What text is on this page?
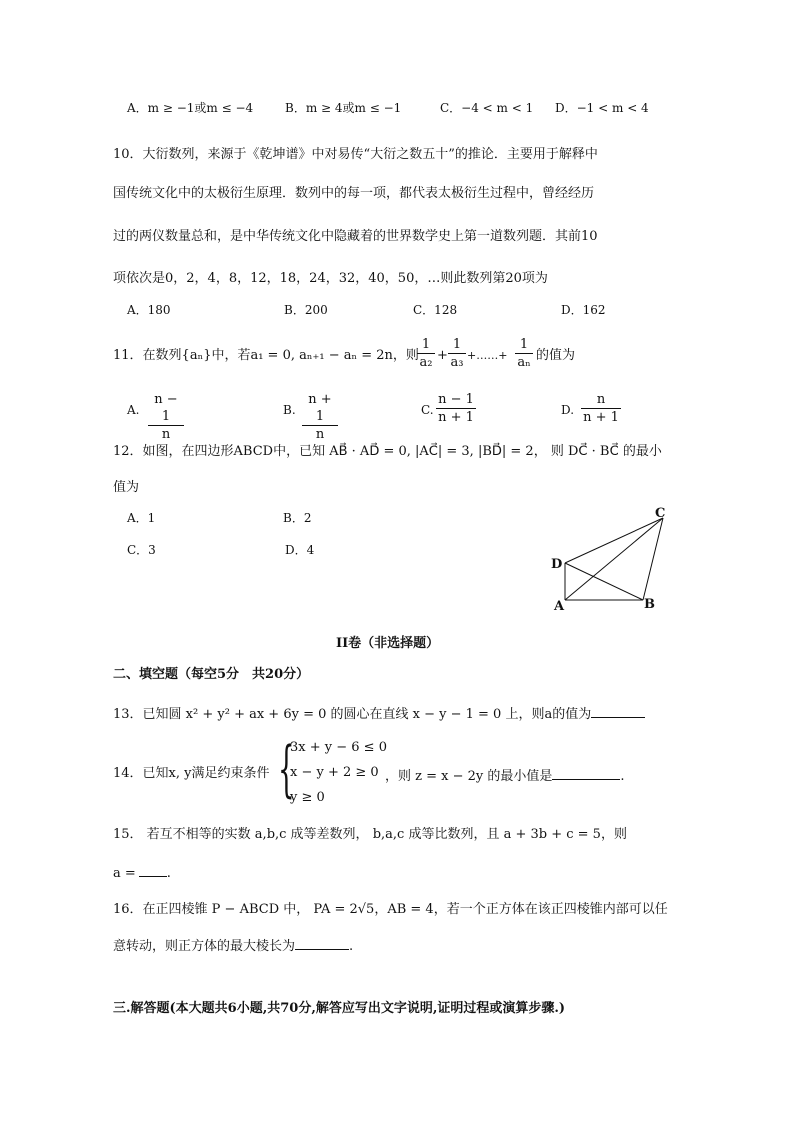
A．m ≥ −1或m ≤ −4	B．m ≥ 4或m ≤ −1	C．−4 < m < 1 D．−1 < m < 4
10．大衍数列，来源于《乾坤谱》中对易传“大衍之数五十”的推论．主要用于解释中
国传统文化中的太极衍生原理．数列中的每一项，都代表太极衍生过程中，曾经经历
过的两仪数量总和，是中华传统文化中隐藏着的世界数学史上第一道数列题．其前10
项依次是0，2，4，8，12，18，24，32，40，50，…则此数列第20项为
A．180	B．200	C．128	D．162
11．在数列{aₙ}中，若a₁ = 0, aₙ₊₁ − aₙ = 2n，则
$\frac{1}{\text{a₂}} + \frac{1}{\text{a₃}}$ +……+ $\frac{1}{\text{aₙ}}$ 的值为
A. $\frac{n - 1}{n}$	B. $\frac{n + 1}{n}$	C. $\frac{n - 1}{n + 1}$	D. $\frac{n}{n + 1}$
12．如图，在四边形ABCD中，已知 AB⃗ · AD⃗ = 0, |AC⃗| = 3, |BD⃗| = 2， 则 DC⃗ · BC⃗ 的最小
值为
A．1	B．2
C．3	D．4
A	B
C
D
II卷（非选择题）
二、填空题（每空5分　共20分）
13．已知圆 x² + y² + ax + 6y = 0 的圆心在直线 x − y − 1 = 0 上，则a的值为
14．已知x, y满足约束条件 {
3x + y − 6 ≤ 0
x − y + 2 ≥ 0
y ≥ 0
，则 z = x − 2y 的最小值是	.
15． 若互不相等的实数 a,b,c 成等差数列， b,a,c 成等比数列，且 a + 3b + c = 5，则
a = .
16．在正四棱锥 P − ABCD 中， PA = 2√5，AB = 4，若一个正方体在该正四棱锥内部可以任
意转动，则正方体的最大棱长为	.
三.解答题(本大题共6小题,共70分,解答应写出文字说明,证明过程或演算步骤.)
